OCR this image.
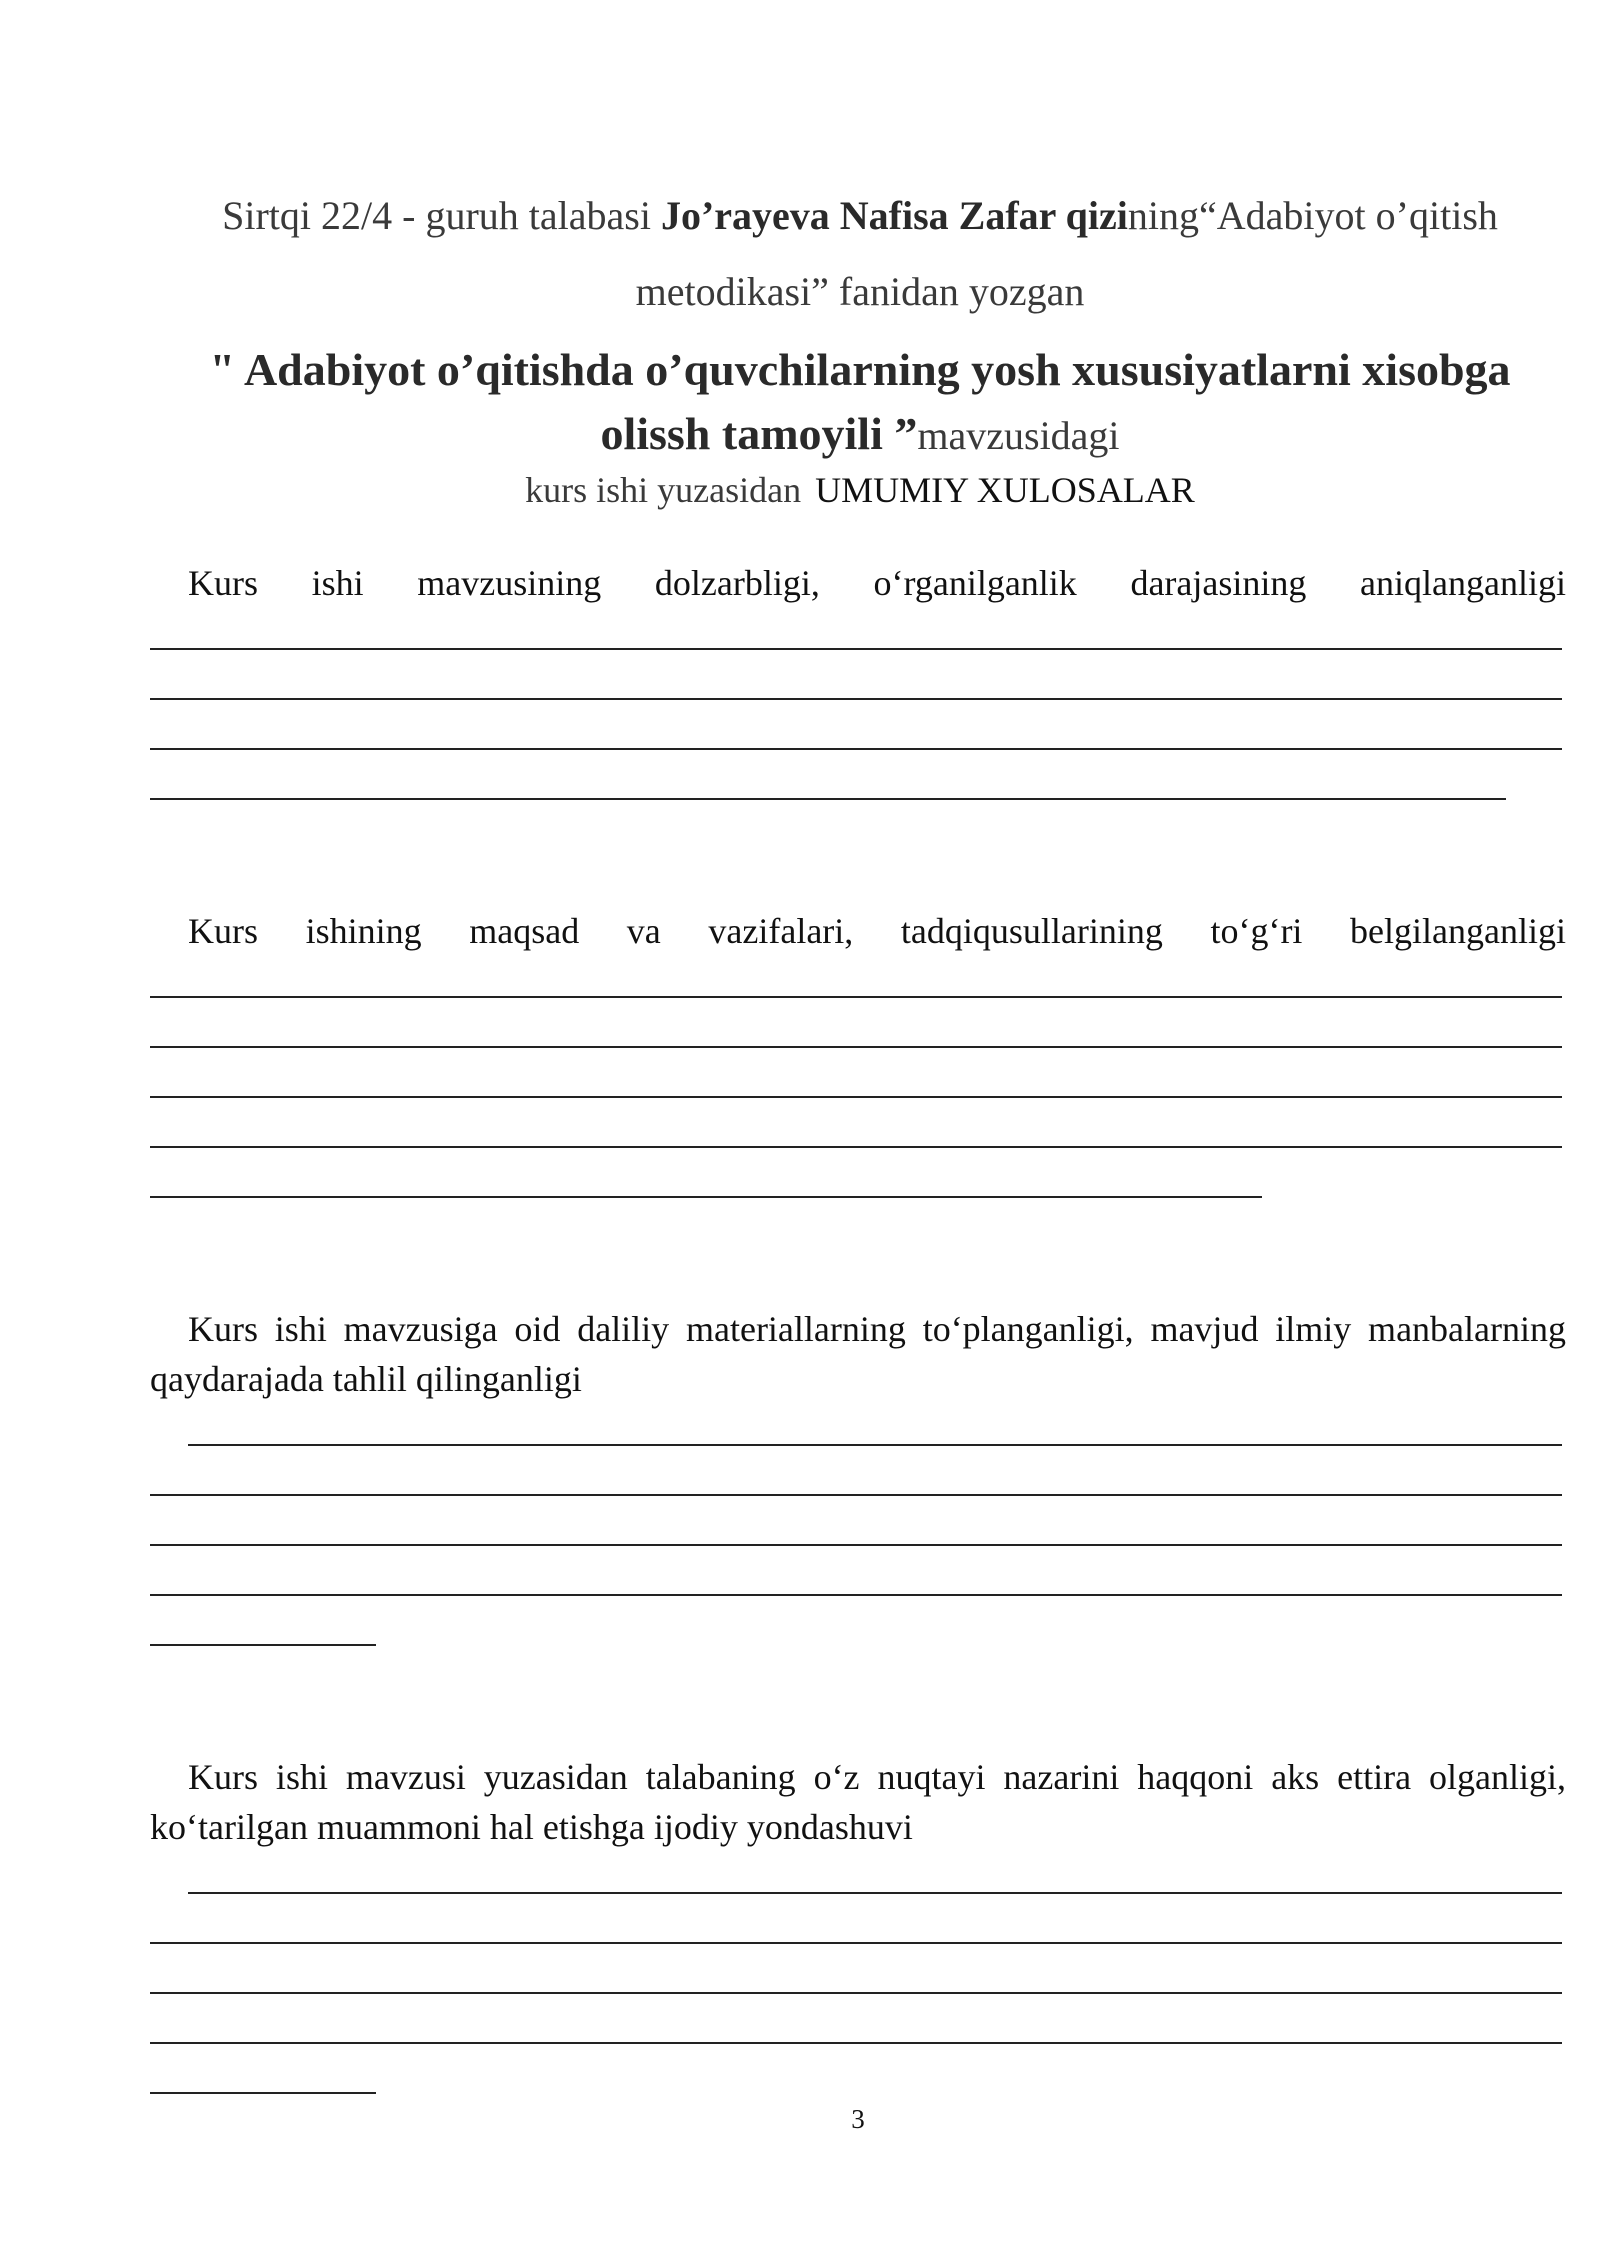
Sirtqi 22/4 - guruh talabasi Jo’rayeva Nafisa Zafar qizining“Adabiyot o’qitish
metodikasi” fanidan yozgan
" Adabiyot o’qitishda o’quvchilarning yosh xususiyatlarni xisobga olissh tamoyili ”mavzusidagi
kurs ishi yuzasidan UMUMIY XULOSALAR
Kurs ishi mavzusining dolzarbligi, o‘rganilganlik darajasining aniqlanganligi
Kurs ishining maqsad va vazifalari, tadqiqusullarining to‘g‘ri belgilanganligi
Kurs ishi mavzusiga oid daliliy materiallarning to‘planganligi, mavjud ilmiy manbalarning qaydarajada tahlil qilinganligi
Kurs ishi mavzusi yuzasidan talabaning o‘z nuqtayi nazarini haqqoni aks ettira olganligi, ko‘tarilgan muammoni hal etishga ijodiy yondashuvi
3
